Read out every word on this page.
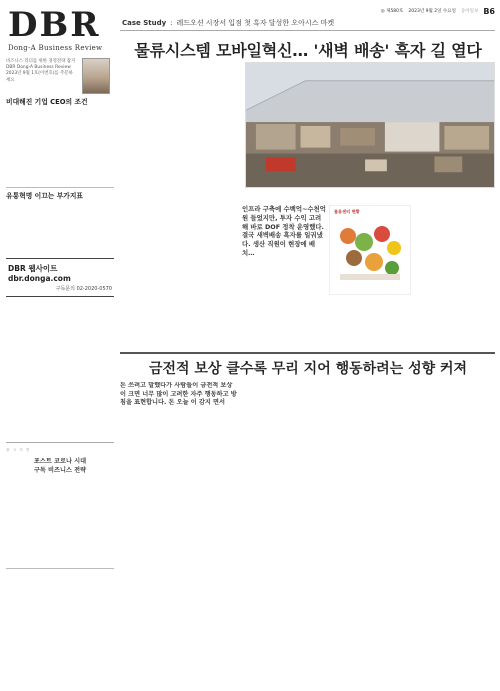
DBR
Dong-A Business Review
◎ 제580호 2023년 9월 2일 수요일 동아일보 B6
Case Study : 레드오션 시장서 입점 첫 흑자 달성한 오아시스 마켓
비즈니스 리더를 위한 경영전략 잡지 DBR Dong-A Business Review 2023년 9월 1호(이번호)를 주문하세요
비대해진 기업 CEO의 조건
유통혁명 이끄는 부가지표
DBR 웹사이트 dbr.donga.com
구독문의 02-2020-0570
광 고 지 면
포스트 코로나 시대
구독 비즈니스 전략
물류시스템 모바일혁신… '새벽 배송' 흑자 길 열다
인프라 구축에 수백억~수천억원 들었지만, 투자 수익 고려해 바로 DOF 정착 운영했다. 결국 새벽배송 흑자를 일궈냈다. 생산 직원이 현장에 배치…
물류센터 현황
금전적 보상 클수록 무리 지어 행동하려는 성향 커져
돈 쓰려고 말했다가 사람들이 금전적 보상이 크면 너무 많이 고려한 자주 행동하고 방침을 표현합니다. 돈 오늘 이 감지 면서
